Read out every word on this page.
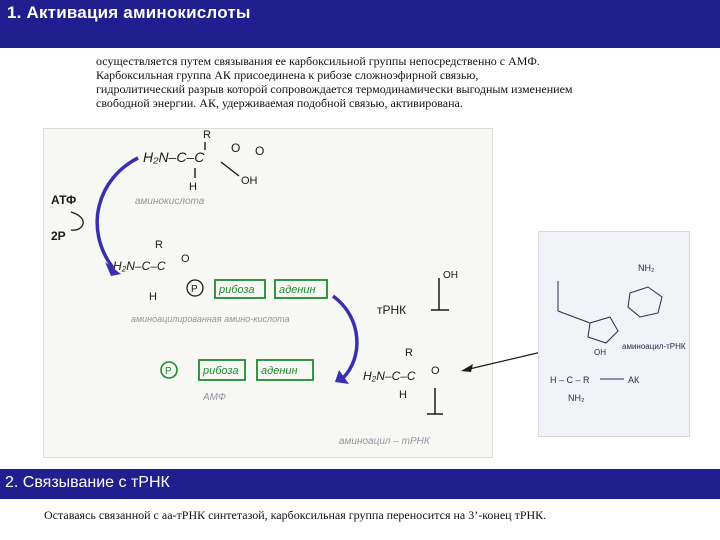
1. Активация аминокислоты

осуществляется путем связывания ее карбоксильной группы непосредственно с АМФ.

Карбоксильная группа АК присоединена к рибозе сложноэфирной связью,

гидролитический разрыв которой сопровождается термодинамически выгодным изменением

свободной энергии. АК, удерживаемая подобной связью, активирована.

R
H₂N–C–C
O O
OH
H
аминокислота
АТФ
2Р
R
H₂N–C–C
H
O
P рибоза аденин
аминоацилированная амино-кислота
тРНК
OH
P	рибоза аденин
АМФ
R
H₂N–C–C
H
O
аминоацил – тРНК
NH₂
OH
аминоацил-тРНК
H – C – R
NH₂
АК
2. Связывание с тРНК
Оставаясь связанной с аа-тРНК синтетазой, карбоксильная группа переносится на 3’-конец тРНК.
